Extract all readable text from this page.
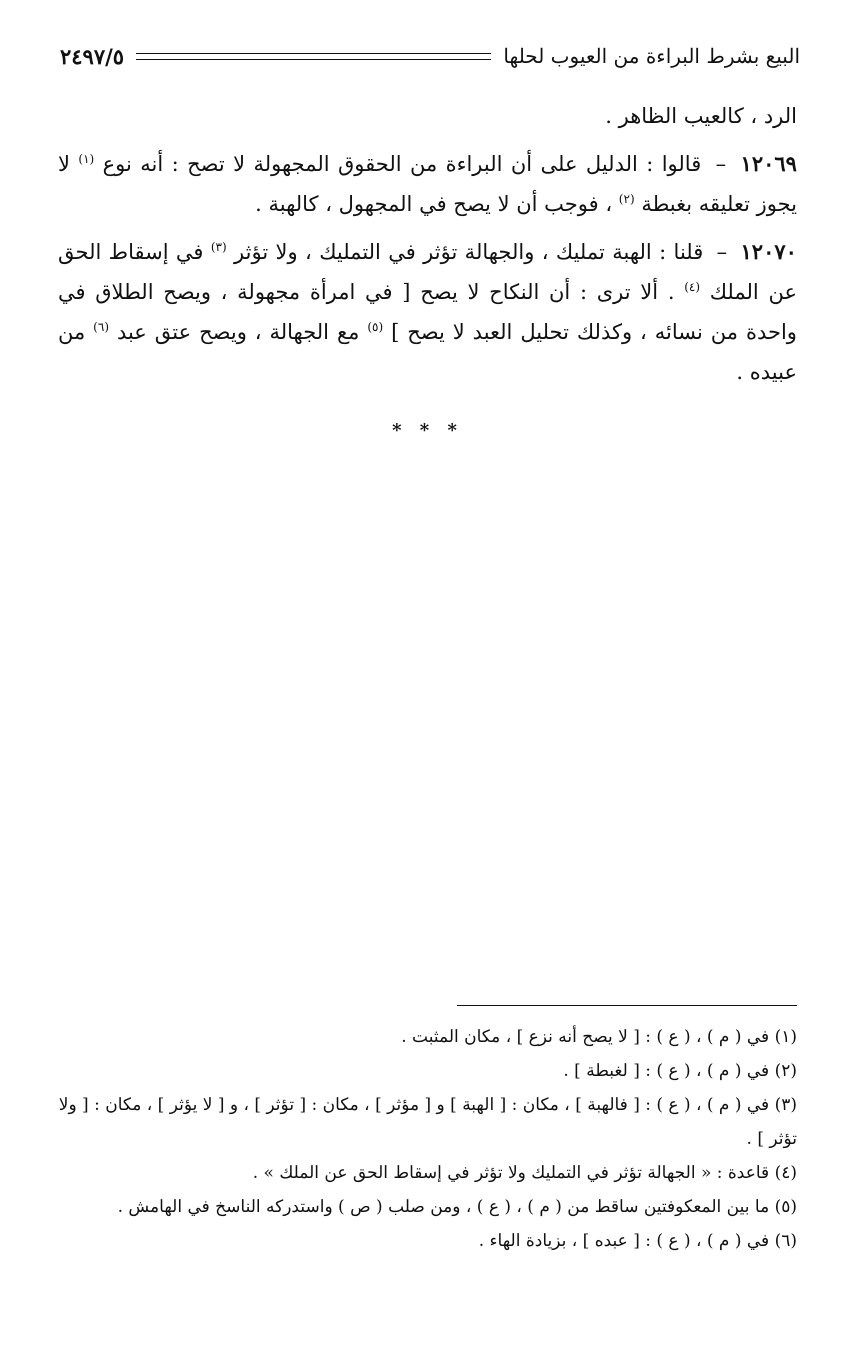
البيع بشرط البراءة من العيوب لحلها
٢٤٩٧/٥

الرد ، كالعيب الظاهر .

١٢٠٦٩ – قالوا : الدليل على أن البراءة من الحقوق المجهولة لا تصح : أنه نوع $^{(١)}$ لا يجوز تعليقه بغبطة $^{(٢)}$ ، فوجب أن لا يصح في المجهول ، كالهبة .

١٢٠٧٠ – قلنا : الهبة تمليك ، والجهالة تؤثر في التمليك ، ولا تؤثر $^{(٣)}$ في إسقاط الحق عن الملك $^{(٤)}$ . ألا ترى : أن النكاح لا يصح [ في امرأة مجهولة ، ويصح الطلاق في واحدة من نسائه ، وكذلك تحليل العبد لا يصح ] $^{(٥)}$ مع الجهالة ، ويصح عتق عبد $^{(٦)}$ من عبيده .

* * *

(١) في ( م ) ، ( ع ) : [ لا يصح أنه نزع ] ، مكان المثبت .

(٢) في ( م ) ، ( ع ) : [ لغبطة ] .

(٣) في ( م ) ، ( ع ) : [ فالهبة ] ، مكان : [ الهبة ] و [ مؤثر ] ، مكان : [ تؤثر ] ، و [ لا يؤثر ] ، مكان : [ ولا تؤثر ] .

(٤) قاعدة : « الجهالة تؤثر في التمليك ولا تؤثر في إسقاط الحق عن الملك » .

(٥) ما بين المعكوفتين ساقط من ( م ) ، ( ع ) ، ومن صلب ( ص ) واستدركه الناسخ في الهامش .

(٦) في ( م ) ، ( ع ) : [ عبده ] ، بزيادة الهاء .
